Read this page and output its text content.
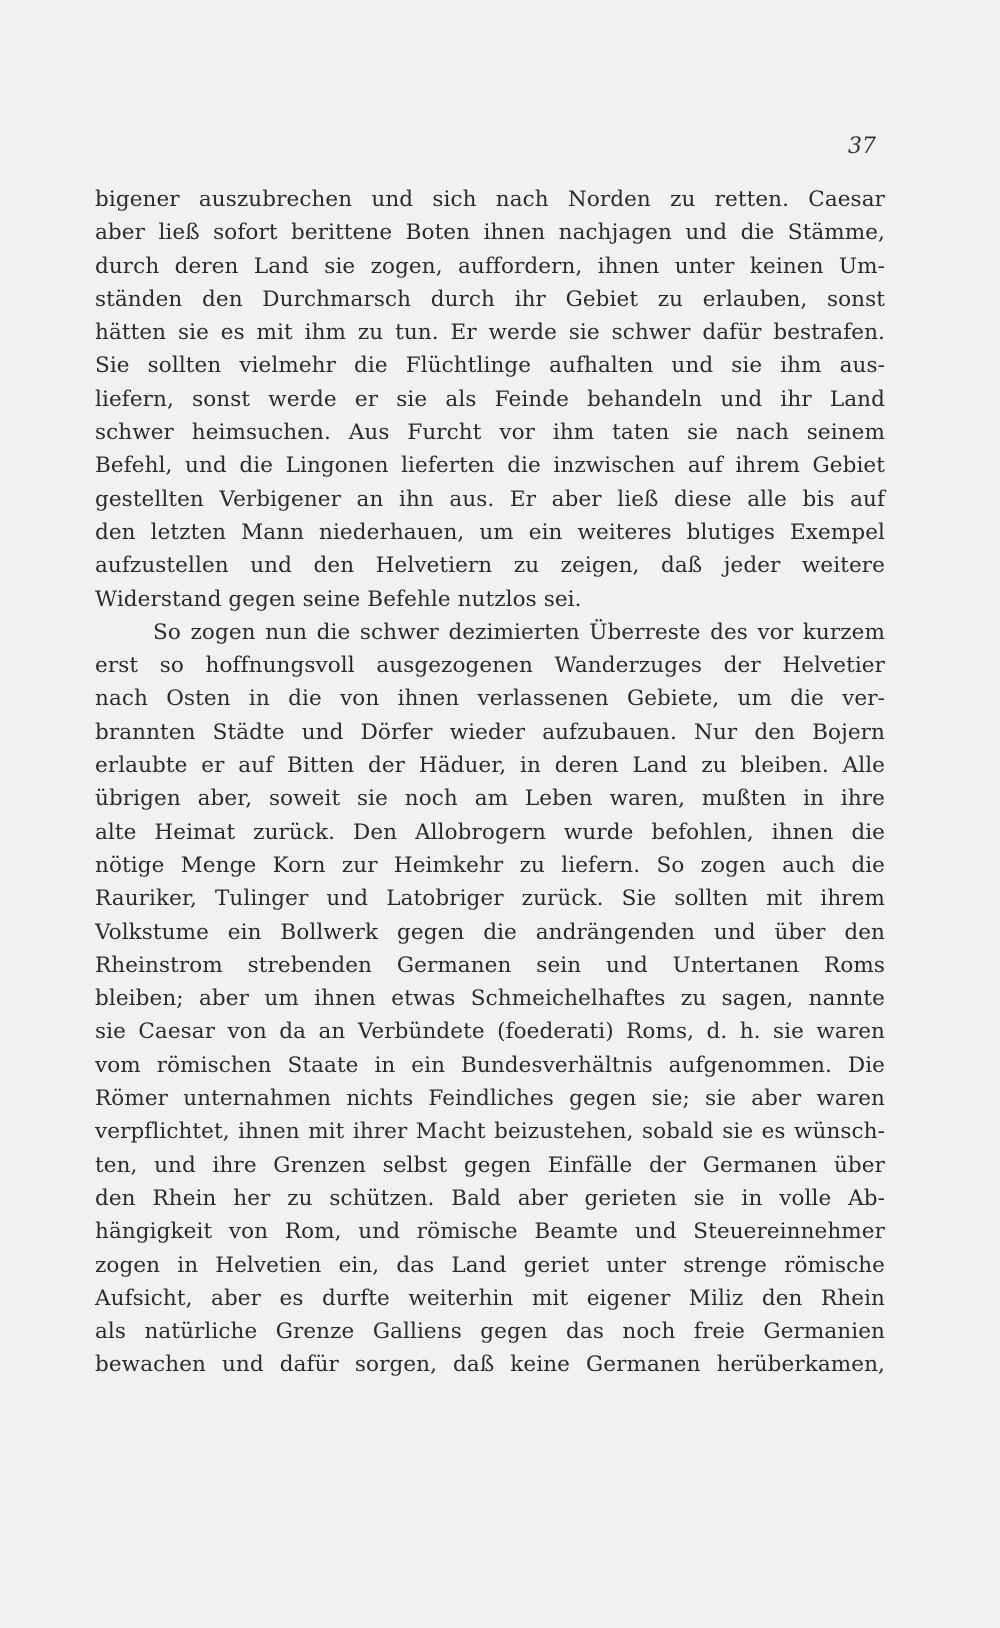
37
bigener auszubrechen und sich nach Norden zu retten. Caesar
aber ließ sofort berittene Boten ihnen nachjagen und die Stämme,
durch deren Land sie zogen, auffordern, ihnen unter keinen Um-
ständen den Durchmarsch durch ihr Gebiet zu erlauben, sonst
hätten sie es mit ihm zu tun. Er werde sie schwer dafür bestrafen.
Sie sollten vielmehr die Flüchtlinge aufhalten und sie ihm aus-
liefern, sonst werde er sie als Feinde behandeln und ihr Land
schwer heimsuchen. Aus Furcht vor ihm taten sie nach seinem
Befehl, und die Lingonen lieferten die inzwischen auf ihrem Gebiet
gestellten Verbigener an ihn aus. Er aber ließ diese alle bis auf
den letzten Mann niederhauen, um ein weiteres blutiges Exempel
aufzustellen und den Helvetiern zu zeigen, daß jeder weitere
Widerstand gegen seine Befehle nutzlos sei.
So zogen nun die schwer dezimierten Überreste des vor kurzem
erst so hoffnungsvoll ausgezogenen Wanderzuges der Helvetier
nach Osten in die von ihnen verlassenen Gebiete, um die ver-
brannten Städte und Dörfer wieder aufzubauen. Nur den Bojern
erlaubte er auf Bitten der Häduer, in deren Land zu bleiben. Alle
übrigen aber, soweit sie noch am Leben waren, mußten in ihre
alte Heimat zurück. Den Allobrogern wurde befohlen, ihnen die
nötige Menge Korn zur Heimkehr zu liefern. So zogen auch die
Rauriker, Tulinger und Latobriger zurück. Sie sollten mit ihrem
Volkstume ein Bollwerk gegen die andrängenden und über den
Rheinstrom strebenden Germanen sein und Untertanen Roms
bleiben; aber um ihnen etwas Schmeichelhaftes zu sagen, nannte
sie Caesar von da an Verbündete (foederati) Roms, d. h. sie waren
vom römischen Staate in ein Bundesverhältnis aufgenommen. Die
Römer unternahmen nichts Feindliches gegen sie; sie aber waren
verpflichtet, ihnen mit ihrer Macht beizustehen, sobald sie es wünsch-
ten, und ihre Grenzen selbst gegen Einfälle der Germanen über
den Rhein her zu schützen. Bald aber gerieten sie in volle Ab-
hängigkeit von Rom, und römische Beamte und Steuereinnehmer
zogen in Helvetien ein, das Land geriet unter strenge römische
Aufsicht, aber es durfte weiterhin mit eigener Miliz den Rhein
als natürliche Grenze Galliens gegen das noch freie Germanien
bewachen und dafür sorgen, daß keine Germanen herüberkamen,
